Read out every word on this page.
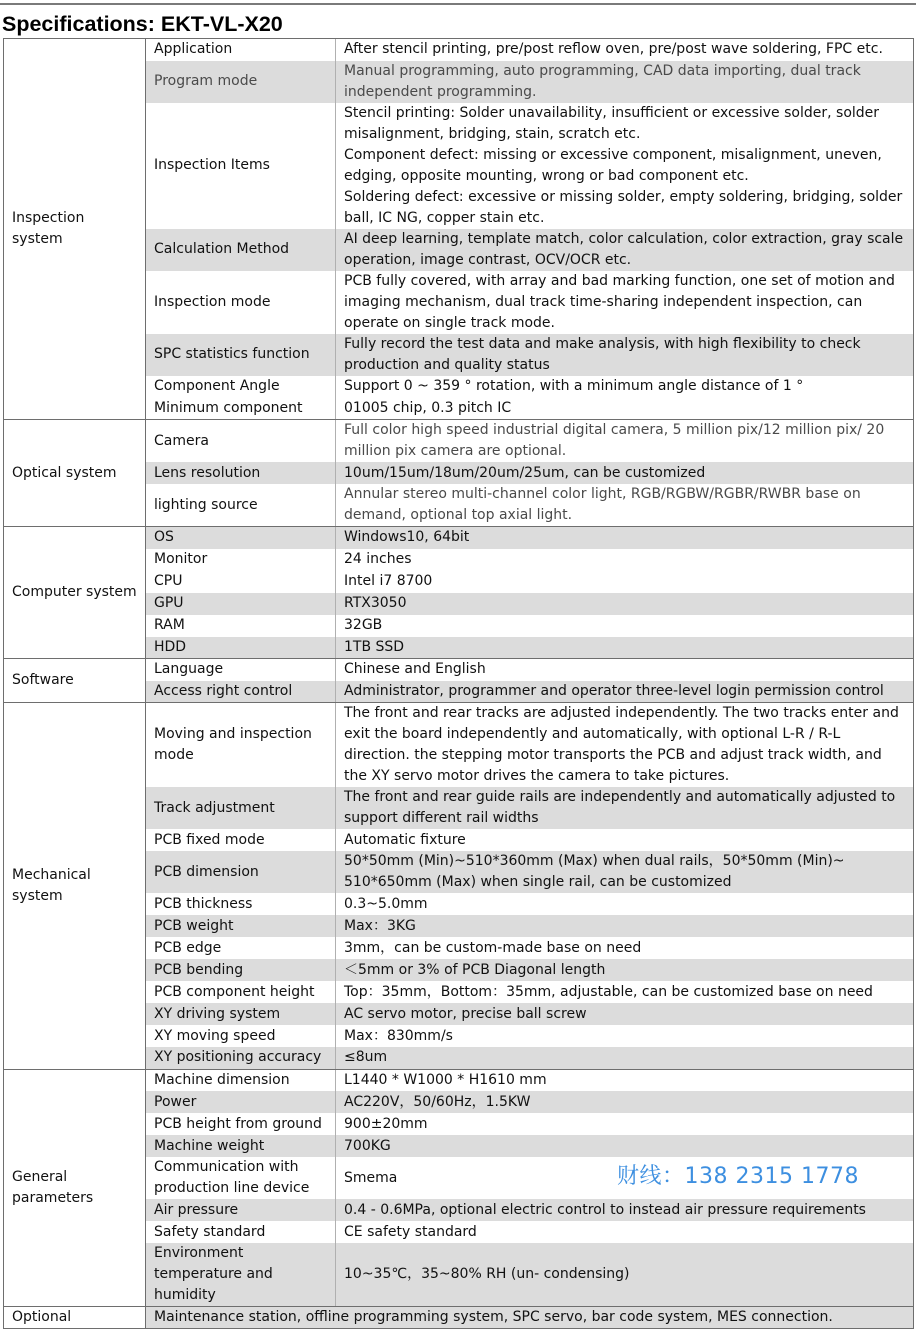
Specifications: EKT-VL-X20
Inspection system	Application	After stencil printing, pre/post reflow oven, pre/post wave soldering, FPC etc.
	Program mode	Manual programming, auto programming, CAD data importing, dual track independent programming.
	Inspection Items	Stencil printing: Solder unavailability, insufficient or excessive solder, solder misalignment, bridging, stain, scratch etc.
Component defect: missing or excessive component, misalignment, uneven, edging, opposite mounting, wrong or bad component etc.
Soldering defect: excessive or missing solder, empty soldering, bridging, solder ball, IC NG, copper stain etc.
	Calculation Method	AI deep learning, template match, color calculation, color extraction, gray scale operation, image contrast, OCV/OCR etc.
	Inspection mode	PCB fully covered, with array and bad marking function, one set of motion and imaging mechanism, dual track time-sharing independent inspection, can operate on single track mode.
	SPC statistics function	Fully record the test data and make analysis, with high flexibility to check production and quality status
	Component Angle	Support 0 ~ 359 ° rotation, with a minimum angle distance of 1 °
	Minimum component	01005 chip, 0.3 pitch IC
Optical system	Camera	Full color high speed industrial digital camera, 5 million pix/12 million pix/ 20 million pix camera are optional.
	Lens resolution	10um/15um/18um/20um/25um, can be customized
	lighting source	Annular stereo multi-channel color light, RGB/RGBW/RGBR/RWBR base on demand, optional top axial light.
Computer system	OS	Windows10, 64bit
	Monitor	24 inches
	CPU	Intel i7 8700
	GPU	RTX3050
	RAM	32GB
	HDD	1TB SSD
Software	Language	Chinese and English
	Access right control	Administrator, programmer and operator three-level login permission control
Mechanical system	Moving and inspection mode	The front and rear tracks are adjusted independently. The two tracks enter and exit the board independently and automatically, with optional L-R / R-L direction. the stepping motor transports the PCB and adjust track width, and the XY servo motor drives the camera to take pictures.
	Track adjustment	The front and rear guide rails are independently and automatically adjusted to support different rail widths
	PCB fixed mode	Automatic fixture
	PCB dimension	50*50mm (Min)~510*360mm (Max) when dual rails，50*50mm (Min)~ 510*650mm (Max) when single rail, can be customized
	PCB thickness	0.3~5.0mm
	PCB weight	Max：3KG
	PCB edge	3mm，can be custom-made base on need
	PCB bending	＜5mm or 3% of PCB Diagonal length
	PCB component height	Top：35mm，Bottom：35mm, adjustable, can be customized base on need
	XY driving system	AC servo motor, precise ball screw
	XY moving speed	Max：830mm/s
	XY positioning accuracy	≤8um
General parameters	Machine dimension	L1440 * W1000 * H1610 mm
	Power	AC220V，50/60Hz，1.5KW
	PCB height from ground	900±20mm
	Machine weight	700KG
	Communication with production line device	Smema
	Air pressure	0.4 - 0.6MPa, optional electric control to instead air pressure requirements
	Safety standard	CE safety standard
	Environment temperature and humidity	10~35℃，35~80% RH (un- condensing)
Optional	Maintenance station, offline programming system, SPC servo, bar code system, MES connection.	
财线：138 2315 1778
